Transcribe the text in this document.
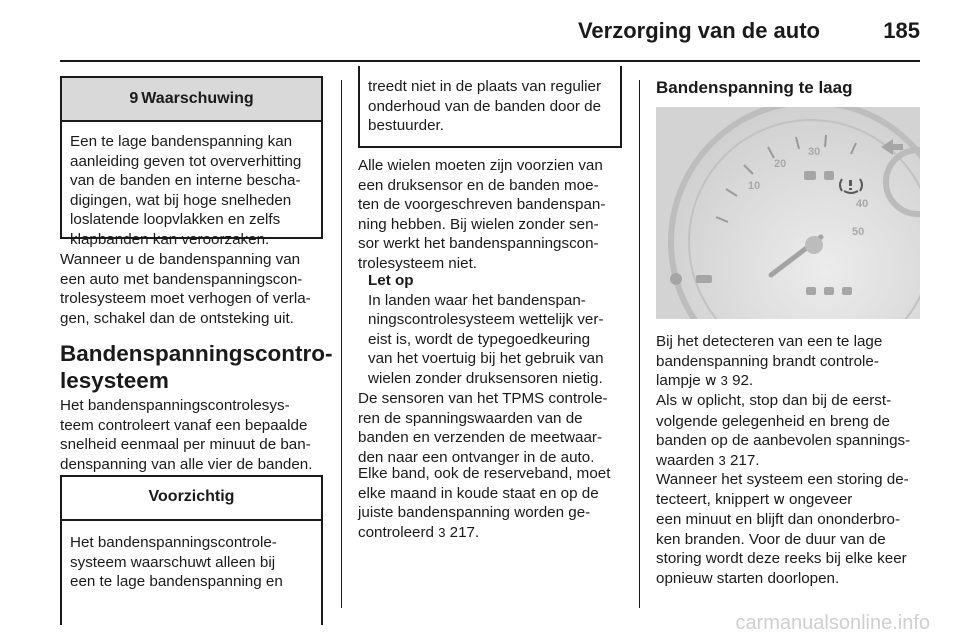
Verzorging van de auto	185
9 Waarschuwing
Een te lage bandenspanning kan
aanleiding geven tot oververhitting
van de banden en interne bescha-
digingen, wat bij hoge snelheden
loslatende loopvlakken en zelfs
klapbanden kan veroorzaken.
Wanneer u de bandenspanning van
een auto met bandenspanningscon-
trolesysteem moet verhogen of verla-
gen, schakel dan de ontsteking uit.
Bandenspanningscontro-
lesysteem
Het bandenspanningscontrolesys-
teem controleert vanaf een bepaalde
snelheid eenmaal per minuut de ban-
denspanning van alle vier de banden.
Voorzichtig
Het bandenspanningscontrole-
systeem waarschuwt alleen bij
een te lage bandenspanning en
treedt niet in de plaats van regulier
onderhoud van de banden door de
bestuurder.
Alle wielen moeten zijn voorzien van
een druksensor en de banden moe-
ten de voorgeschreven bandenspan-
ning hebben. Bij wielen zonder sen-
sor werkt het bandenspanningscon-
trolesysteem niet.
Let op
In landen waar het bandenspan-
ningscontrolesysteem wettelijk ver-
eist is, wordt de typegoedkeuring
van het voertuig bij het gebruik van
wielen zonder druksensoren nietig.
De sensoren van het TPMS controle-
ren de spanningswaarden van de
banden en verzenden de meetwaar-
den naar een ontvanger in de auto.
Elke band, ook de reserveband, moet
elke maand in koude staat en op de
juiste bandenspanning worden ge-
controleerd 3 217.
Bandenspanning te laag
10
20
30
40
50
Bij het detecteren van een te lage
bandenspanning brandt controle-
lampje w 3 92.
Als w oplicht, stop dan bij de eerst-
volgende gelegenheid en breng de
banden op de aanbevolen spannings-
waarden 3 217.
Wanneer het systeem een storing de-
tecteert, knippert w ongeveer
een minuut en blijft dan ononderbro-
ken branden. Voor de duur van de
storing wordt deze reeks bij elke keer
opnieuw starten doorlopen.
carmanualsonline.info
